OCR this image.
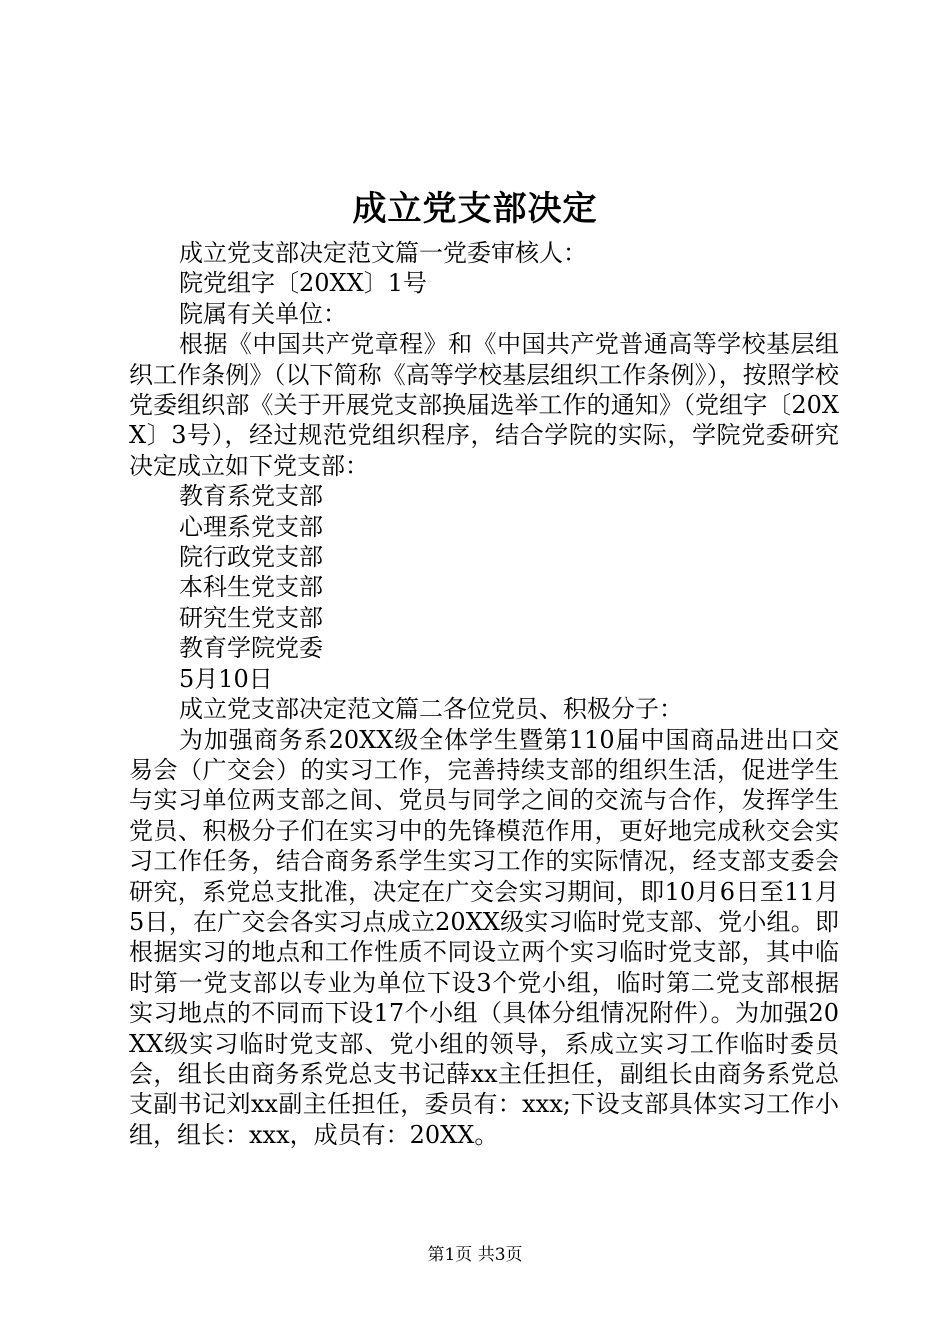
成立党支部决定

成立党支部决定范文篇一党委审核人：

院党组字〔20XX〕1号

院属有关单位：

根据《中国共产党章程》和《中国共产党普通高等学校基层组织工作条例》（以下简称《高等学校基层组织工作条例》），按照学校党委组织部《关于开展党支部换届选举工作的通知》（党组字〔20XX〕3号），经过规范党组织程序，结合学院的实际，学院党委研究决定成立如下党支部：

教育系党支部

心理系党支部

院行政党支部

本科生党支部

研究生党支部

教育学院党委

5月10日

成立党支部决定范文篇二各位党员、积极分子：

为加强商务系20XX级全体学生暨第110届中国商品进出口交易会（广交会）的实习工作，完善持续支部的组织生活，促进学生与实习单位两支部之间、党员与同学之间的交流与合作，发挥学生党员、积极分子们在实习中的先锋模范作用，更好地完成秋交会实习工作任务，结合商务系学生实习工作的实际情况，经支部支委会研究，系党总支批准，决定在广交会实习期间，即10月6日至11月5日，在广交会各实习点成立20XX级实习临时党支部、党小组。即根据实习的地点和工作性质不同设立两个实习临时党支部，其中临时第一党支部以专业为单位下设3个党小组，临时第二党支部根据实习地点的不同而下设17个小组（具体分组情况附件）。为加强20XX级实习临时党支部、党小组的领导，系成立实习工作临时委员会，组长由商务系党总支书记薛xx主任担任，副组长由商务系党总支副书记刘xx副主任担任，委员有：xxx;下设支部具体实习工作小组，组长：xxx，成员有：20XX。

第1页 共3页
